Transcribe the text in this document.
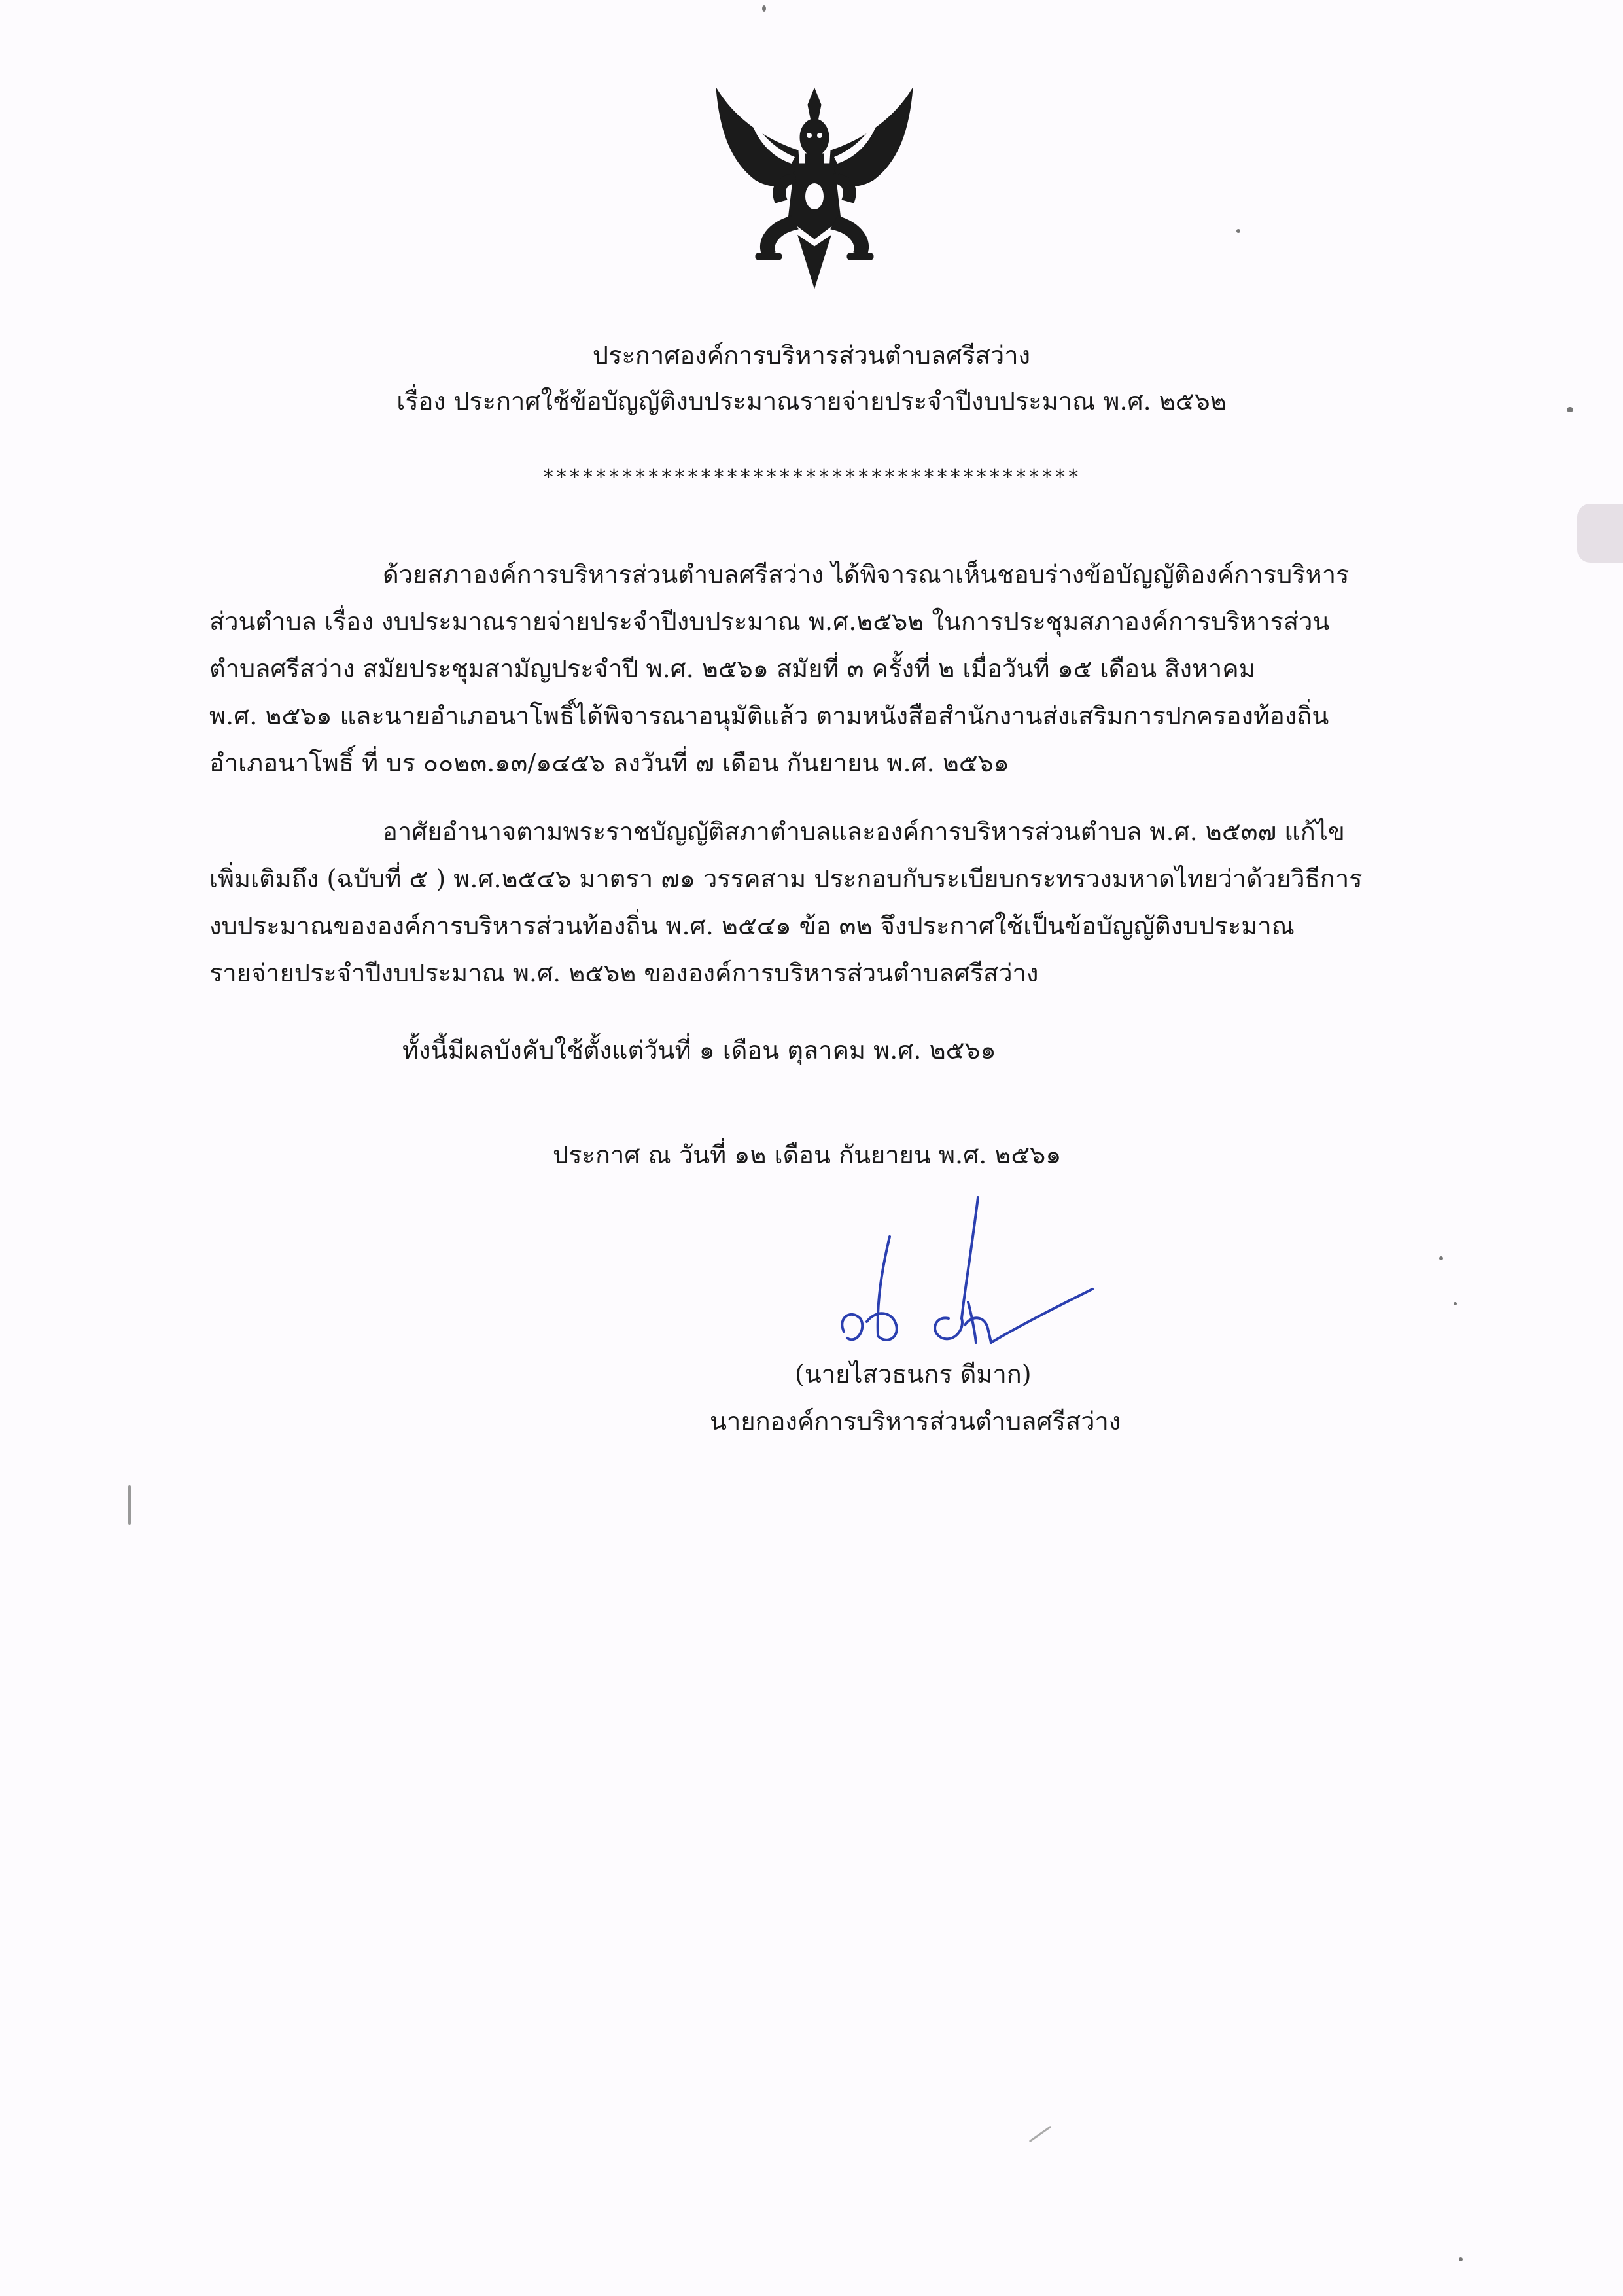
ประกาศองค์การบริหารส่วนตำบลศรีสว่าง
เรื่อง ประกาศใช้ข้อบัญญัติงบประมาณรายจ่ายประจำปีงบประมาณ พ.ศ. ๒๕๖๒
*****************************************
ด้วยสภาองค์การบริหารส่วนตำบลศรีสว่าง ได้พิจารณาเห็นชอบร่างข้อบัญญัติองค์การบริหาร
ส่วนตำบล เรื่อง งบประมาณรายจ่ายประจำปีงบประมาณ พ.ศ.๒๕๖๒ ในการประชุมสภาองค์การบริหารส่วน
ตำบลศรีสว่าง สมัยประชุมสามัญประจำปี พ.ศ. ๒๕๖๑ สมัยที่ ๓ ครั้งที่ ๒ เมื่อวันที่ ๑๕ เดือน สิงหาคม
พ.ศ. ๒๕๖๑ และนายอำเภอนาโพธิ์ได้พิจารณาอนุมัติแล้ว ตามหนังสือสำนักงานส่งเสริมการปกครองท้องถิ่น
อำเภอนาโพธิ์ ที่ บร ๐๐๒๓.๑๓/๑๔๕๖ ลงวันที่ ๗ เดือน กันยายน พ.ศ. ๒๕๖๑
อาศัยอำนาจตามพระราชบัญญัติสภาตำบลและองค์การบริหารส่วนตำบล พ.ศ. ๒๕๓๗ แก้ไข
เพิ่มเติมถึง (ฉบับที่ ๕ ) พ.ศ.๒๕๔๖ มาตรา ๗๑ วรรคสาม ประกอบกับระเบียบกระทรวงมหาดไทยว่าด้วยวิธีการ
งบประมาณขององค์การบริหารส่วนท้องถิ่น พ.ศ. ๒๕๔๑ ข้อ ๓๒ จึงประกาศใช้เป็นข้อบัญญัติงบประมาณ
รายจ่ายประจำปีงบประมาณ พ.ศ. ๒๕๖๒ ขององค์การบริหารส่วนตำบลศรีสว่าง
ทั้งนี้มีผลบังคับใช้ตั้งแต่วันที่ ๑ เดือน ตุลาคม พ.ศ. ๒๕๖๑
ประกาศ ณ วันที่ ๑๒ เดือน กันยายน พ.ศ. ๒๕๖๑
(นายไสวธนกร ดีมาก)
นายกองค์การบริหารส่วนตำบลศรีสว่าง
